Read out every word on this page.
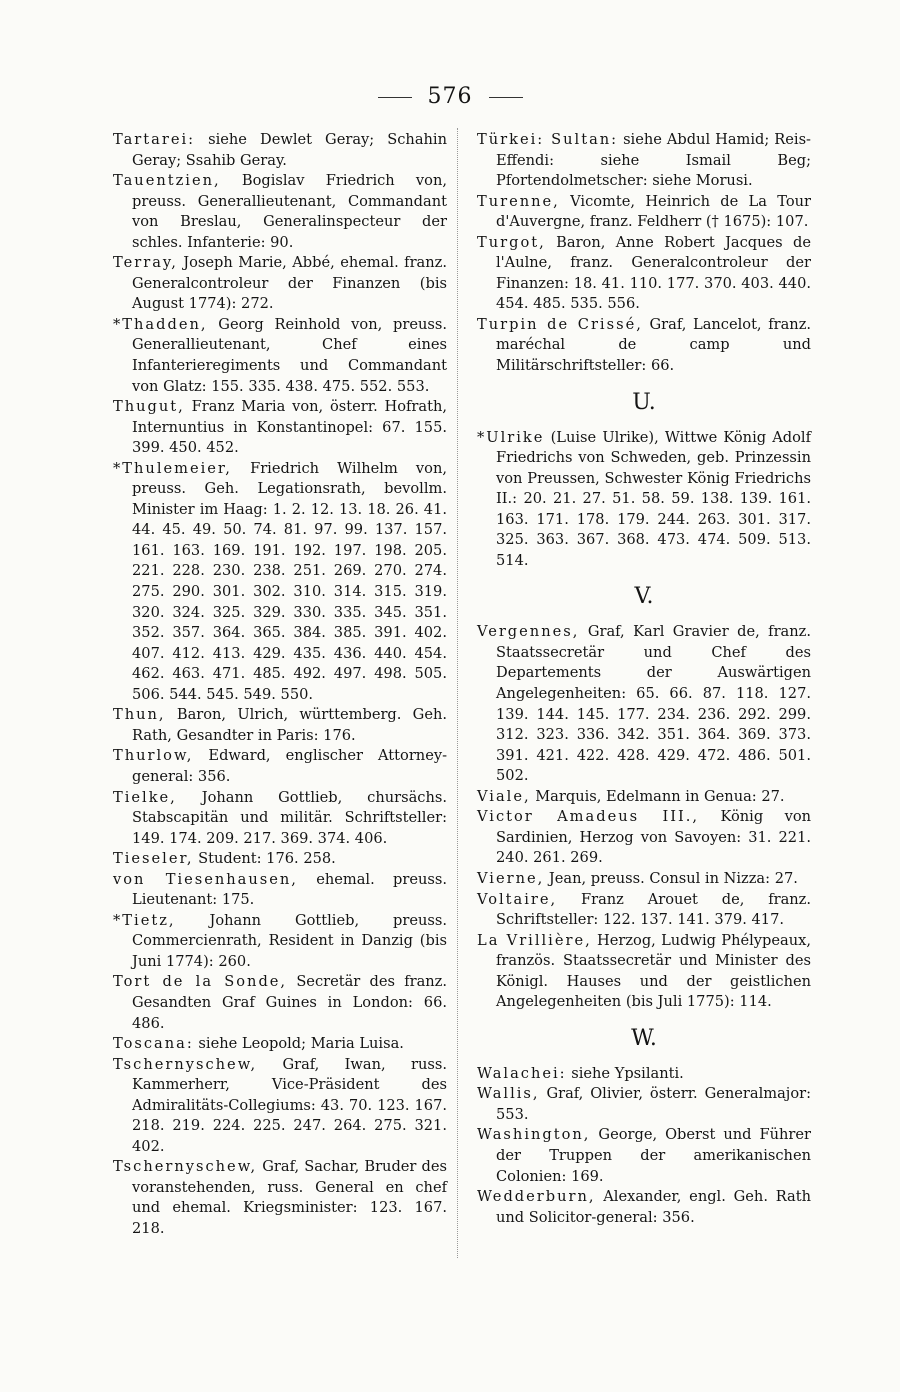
576

Tartarei: siehe Dewlet Geray; Schahin Geray; Ssahib Geray.

Tauentzien, Bogislav Friedrich von, preuss. Generallieutenant, Commandant von Breslau, Generalinspecteur der schles. Infanterie: 90.

Terray, Joseph Marie, Abbé, ehemal. franz. Generalcontroleur der Finanzen (bis August 1774): 272.

*Thadden, Georg Reinhold von, preuss. Generallieutenant, Chef eines Infanterieregiments und Commandant von Glatz: 155. 335. 438. 475. 552. 553.

Thugut, Franz Maria von, österr. Hofrath, Internuntius in Konstantinopel: 67. 155. 399. 450. 452.

*Thulemeier, Friedrich Wilhelm von, preuss. Geh. Legationsrath, bevollm. Minister im Haag: 1. 2. 12. 13. 18. 26. 41. 44. 45. 49. 50. 74. 81. 97. 99. 137. 157. 161. 163. 169. 191. 192. 197. 198. 205. 221. 228. 230. 238. 251. 269. 270. 274. 275. 290. 301. 302. 310. 314. 315. 319. 320. 324. 325. 329. 330. 335. 345. 351. 352. 357. 364. 365. 384. 385. 391. 402. 407. 412. 413. 429. 435. 436. 440. 454. 462. 463. 471. 485. 492. 497. 498. 505. 506. 544. 545. 549. 550.

Thun, Baron, Ulrich, württemberg. Geh. Rath, Gesandter in Paris: 176.

Thurlow, Edward, englischer Attorney-general: 356.

Tielke, Johann Gottlieb, chursächs. Stabscapitän und militär. Schriftsteller: 149. 174. 209. 217. 369. 374. 406.

Tieseler, Student: 176. 258.

von Tiesenhausen, ehemal. preuss. Lieutenant: 175.

*Tietz, Johann Gottlieb, preuss. Commercienrath, Resident in Danzig (bis Juni 1774): 260.

Tort de la Sonde, Secretär des franz. Gesandten Graf Guines in London: 66. 486.

Toscana: siehe Leopold; Maria Luisa.

Tschernyschew, Graf, Iwan, russ. Kammerherr, Vice-Präsident des Admiralitäts-Collegiums: 43. 70. 123. 167. 218. 219. 224. 225. 247. 264. 275. 321. 402.

Tschernyschew, Graf, Sachar, Bruder des voranstehenden, russ. General en chef und ehemal. Kriegsminister: 123. 167. 218.

Türkei: Sultan: siehe Abdul Hamid; Reis-Effendi: siehe Ismail Beg; Pfortendolmetscher: siehe Morusi.

Turenne, Vicomte, Heinrich de La Tour d'Auvergne, franz. Feldherr († 1675): 107.

Turgot, Baron, Anne Robert Jacques de l'Aulne, franz. Generalcontroleur der Finanzen: 18. 41. 110. 177. 370. 403. 440. 454. 485. 535. 556.

Turpin de Crissé, Graf, Lancelot, franz. maréchal de camp und Militärschriftsteller: 66.

U.

*Ulrike (Luise Ulrike), Wittwe König Adolf Friedrichs von Schweden, geb. Prinzessin von Preussen, Schwester König Friedrichs II.: 20. 21. 27. 51. 58. 59. 138. 139. 161. 163. 171. 178. 179. 244. 263. 301. 317. 325. 363. 367. 368. 473. 474. 509. 513. 514.

V.

Vergennes, Graf, Karl Gravier de, franz. Staatssecretär und Chef des Departements der Auswärtigen Angelegenheiten: 65. 66. 87. 118. 127. 139. 144. 145. 177. 234. 236. 292. 299. 312. 323. 336. 342. 351. 364. 369. 373. 391. 421. 422. 428. 429. 472. 486. 501. 502.

Viale, Marquis, Edelmann in Genua: 27.

Victor Amadeus III., König von Sardinien, Herzog von Savoyen: 31. 221. 240. 261. 269.

Vierne, Jean, preuss. Consul in Nizza: 27.

Voltaire, Franz Arouet de, franz. Schriftsteller: 122. 137. 141. 379. 417.

La Vrillière, Herzog, Ludwig Phélypeaux, französ. Staatssecretär und Minister des Königl. Hauses und der geistlichen Angelegenheiten (bis Juli 1775): 114.

W.

Walachei: siehe Ypsilanti.

Wallis, Graf, Olivier, österr. Generalmajor: 553.

Washington, George, Oberst und Führer der Truppen der amerikanischen Colonien: 169.

Wedderburn, Alexander, engl. Geh. Rath und Solicitor-general: 356.
